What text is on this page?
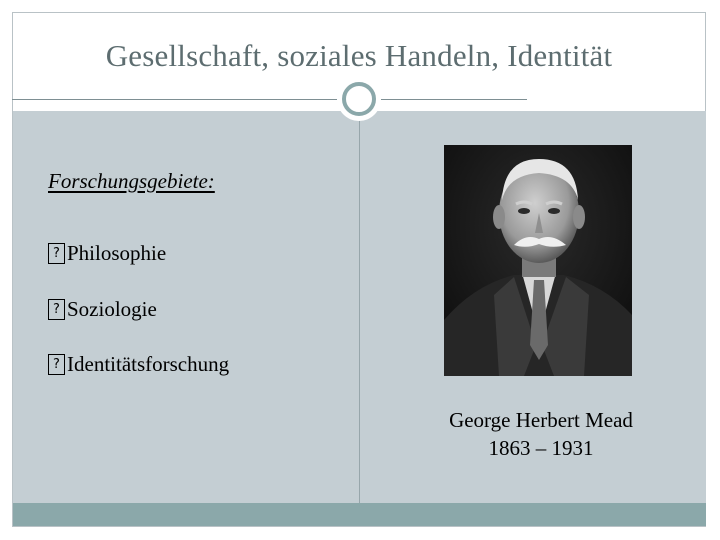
Gesellschaft, soziales Handeln, Identität
Forschungsgebiete:
? Philosophie
? Soziologie
? Identitätsforschung
George Herbert Mead
1863 – 1931
